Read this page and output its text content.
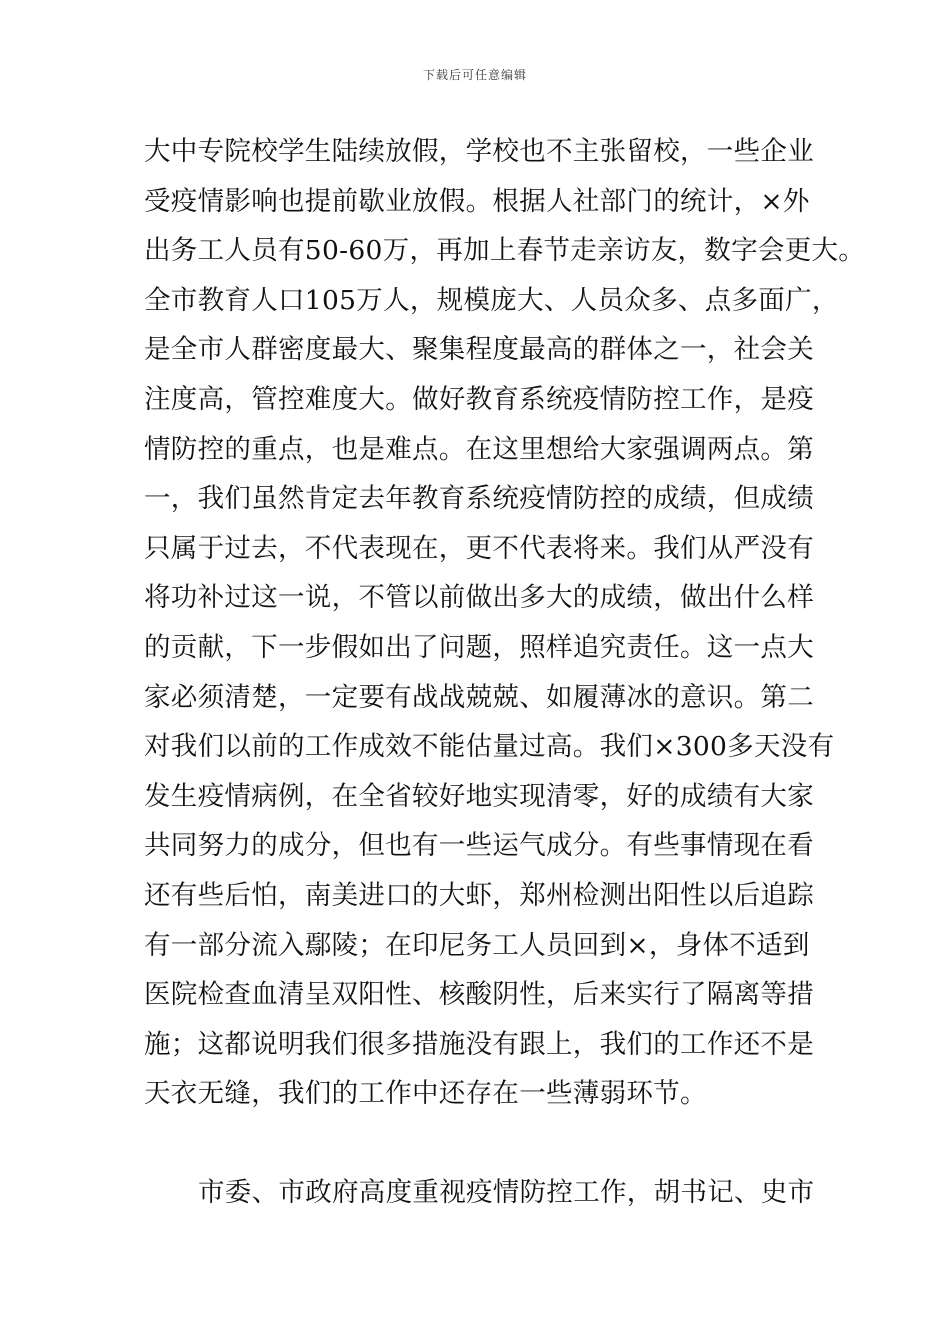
下载后可任意编辑
大中专院校学生陆续放假，学校也不主张留校，一些企业
受疫情影响也提前歇业放假。根据人社部门的统计，×外
出务工人员有50-60万，再加上春节走亲访友，数字会更大。
全市教育人口105万人，规模庞大、人员众多、点多面广，
是全市人群密度最大、聚集程度最高的群体之一，社会关
注度高，管控难度大。做好教育系统疫情防控工作，是疫
情防控的重点，也是难点。在这里想给大家强调两点。第
一，我们虽然肯定去年教育系统疫情防控的成绩，但成绩
只属于过去，不代表现在，更不代表将来。我们从严没有
将功补过这一说，不管以前做出多大的成绩，做出什么样
的贡献，下一步假如出了问题，照样追究责任。这一点大
家必须清楚，一定要有战战兢兢、如履薄冰的意识。第二
对我们以前的工作成效不能估量过高。我们×300多天没有
发生疫情病例，在全省较好地实现清零，好的成绩有大家
共同努力的成分，但也有一些运气成分。有些事情现在看
还有些后怕，南美进口的大虾，郑州检测出阳性以后追踪
有一部分流入鄢陵；在印尼务工人员回到×，身体不适到
医院检查血清呈双阳性、核酸阴性，后来实行了隔离等措
施；这都说明我们很多措施没有跟上，我们的工作还不是
天衣无缝，我们的工作中还存在一些薄弱环节。
市委、市政府高度重视疫情防控工作，胡书记、史市
